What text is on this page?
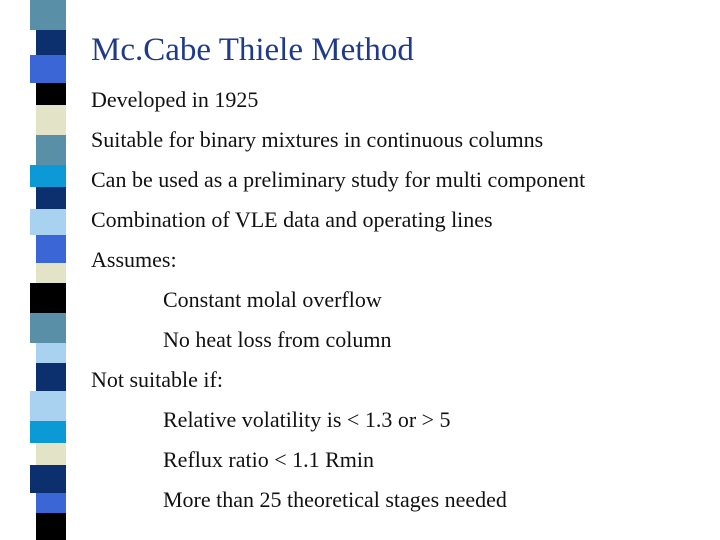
Mc.Cabe Thiele Method
Developed in 1925
Suitable for binary mixtures in continuous columns
Can be used as a preliminary study for multi component
Combination of VLE data and operating lines
Assumes:
Constant molal overflow
No heat loss from column
Not suitable if:
Relative volatility is < 1.3 or > 5
Reflux ratio < 1.1 Rmin
More than 25 theoretical stages needed
